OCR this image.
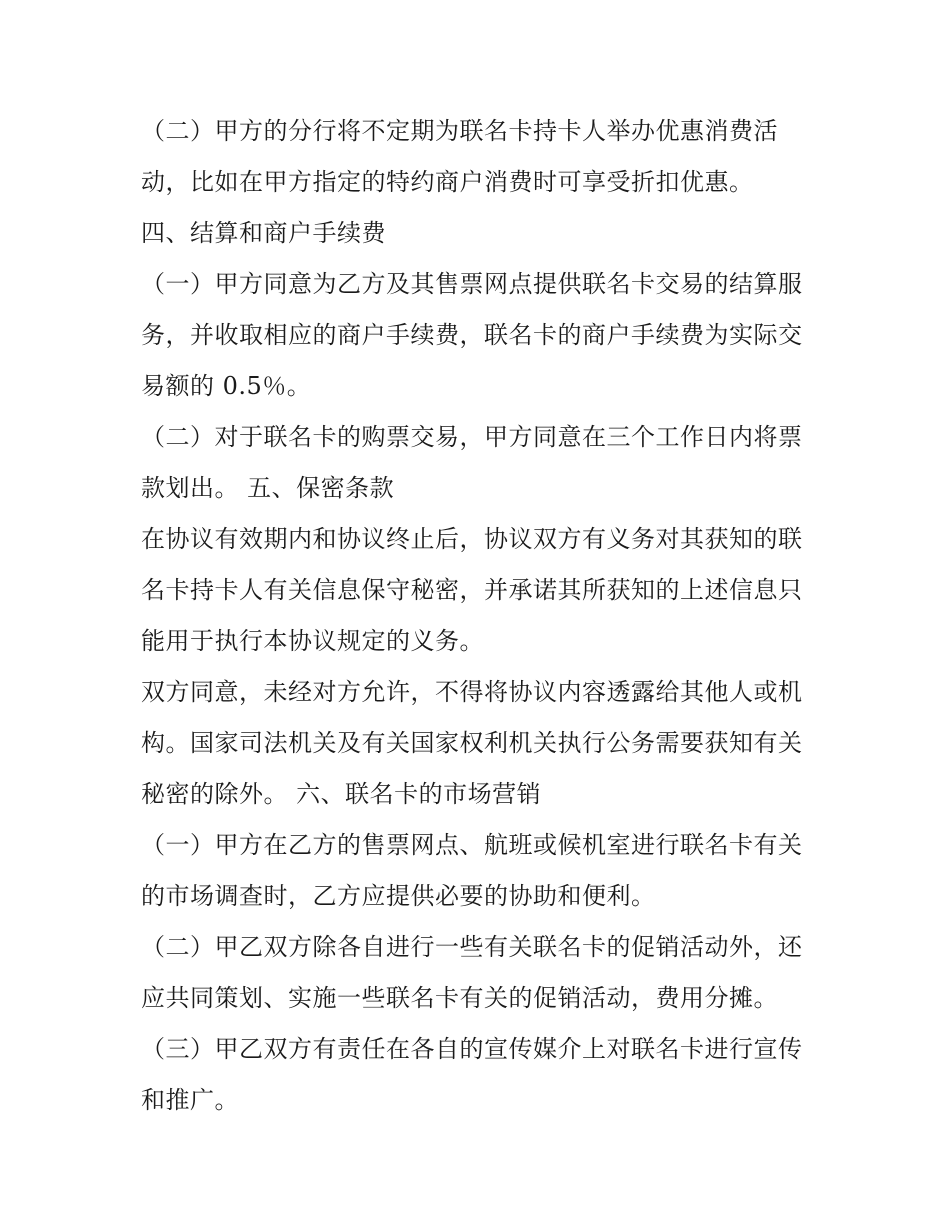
（二）甲方的分行将不定期为联名卡持卡人举办优惠消费活
动，比如在甲方指定的特约商户消费时可享受折扣优惠。
四、结算和商户手续费
（一）甲方同意为乙方及其售票网点提供联名卡交易的结算服
务，并收取相应的商户手续费，联名卡的商户手续费为实际交
易额的 0.5％。
（二）对于联名卡的购票交易，甲方同意在三个工作日内将票
款划出。 五、保密条款
在协议有效期内和协议终止后，协议双方有义务对其获知的联
名卡持卡人有关信息保守秘密，并承诺其所获知的上述信息只
能用于执行本协议规定的义务。
双方同意，未经对方允许，不得将协议内容透露给其他人或机
构。国家司法机关及有关国家权利机关执行公务需要获知有关
秘密的除外。 六、联名卡的市场营销
（一）甲方在乙方的售票网点、航班或候机室进行联名卡有关
的市场调查时，乙方应提供必要的协助和便利。
（二）甲乙双方除各自进行一些有关联名卡的促销活动外，还
应共同策划、实施一些联名卡有关的促销活动，费用分摊。
（三）甲乙双方有责任在各自的宣传媒介上对联名卡进行宣传
和推广。
